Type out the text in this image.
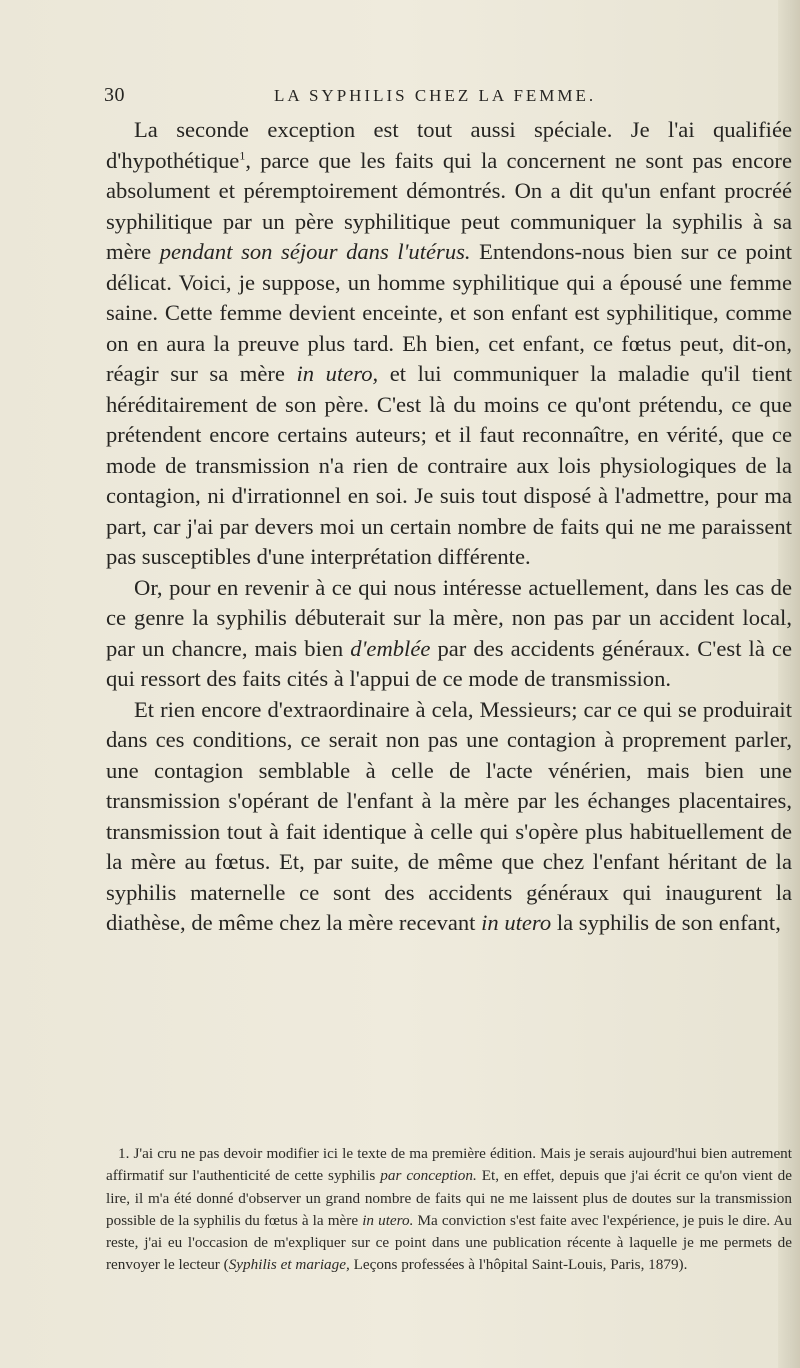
30	LA SYPHILIS CHEZ LA FEMME.

La seconde exception est tout aussi spéciale. Je l'ai qualifiée d'hypothétique$^1$, parce que les faits qui la concernent ne sont pas encore absolument et péremptoirement démontrés. On a dit qu'un enfant procréé syphilitique par un père syphilitique peut communiquer la syphilis à sa mère pendant son séjour dans l'utérus. Entendons-nous bien sur ce point délicat. Voici, je suppose, un homme syphilitique qui a épousé une femme saine. Cette femme devient enceinte, et son enfant est syphilitique, comme on en aura la preuve plus tard. Eh bien, cet enfant, ce fœtus peut, dit-on, réagir sur sa mère in utero, et lui communiquer la maladie qu'il tient héréditairement de son père. C'est là du moins ce qu'ont prétendu, ce que prétendent encore certains auteurs; et il faut reconnaître, en vérité, que ce mode de transmission n'a rien de contraire aux lois physiologiques de la contagion, ni d'irrationnel en soi. Je suis tout disposé à l'admettre, pour ma part, car j'ai par devers moi un certain nombre de faits qui ne me paraissent pas susceptibles d'une interprétation différente.

Or, pour en revenir à ce qui nous intéresse actuellement, dans les cas de ce genre la syphilis débuterait sur la mère, non pas par un accident local, par un chancre, mais bien d'emblée par des accidents généraux. C'est là ce qui ressort des faits cités à l'appui de ce mode de transmission.

Et rien encore d'extraordinaire à cela, Messieurs; car ce qui se produirait dans ces conditions, ce serait non pas une contagion à proprement parler, une contagion semblable à celle de l'acte vénérien, mais bien une transmission s'opérant de l'enfant à la mère par les échanges placentaires, transmission tout à fait identique à celle qui s'opère plus habituellement de la mère au fœtus. Et, par suite, de même que chez l'enfant héritant de la syphilis maternelle ce sont des accidents généraux qui inaugurent la diathèse, de même chez la mère recevant in utero la syphilis de son enfant,

1. J'ai cru ne pas devoir modifier ici le texte de ma première édition. Mais je serais aujourd'hui bien autrement affirmatif sur l'authenticité de cette syphilis par conception. Et, en effet, depuis que j'ai écrit ce qu'on vient de lire, il m'a été donné d'observer un grand nombre de faits qui ne me laissent plus de doutes sur la transmission possible de la syphilis du fœtus à la mère in utero. Ma conviction s'est faite avec l'expérience, je puis le dire. Au reste, j'ai eu l'occasion de m'expliquer sur ce point dans une publication récente à laquelle je me permets de renvoyer le lecteur (Syphilis et mariage, Leçons professées à l'hôpital Saint-Louis, Paris, 1879).
